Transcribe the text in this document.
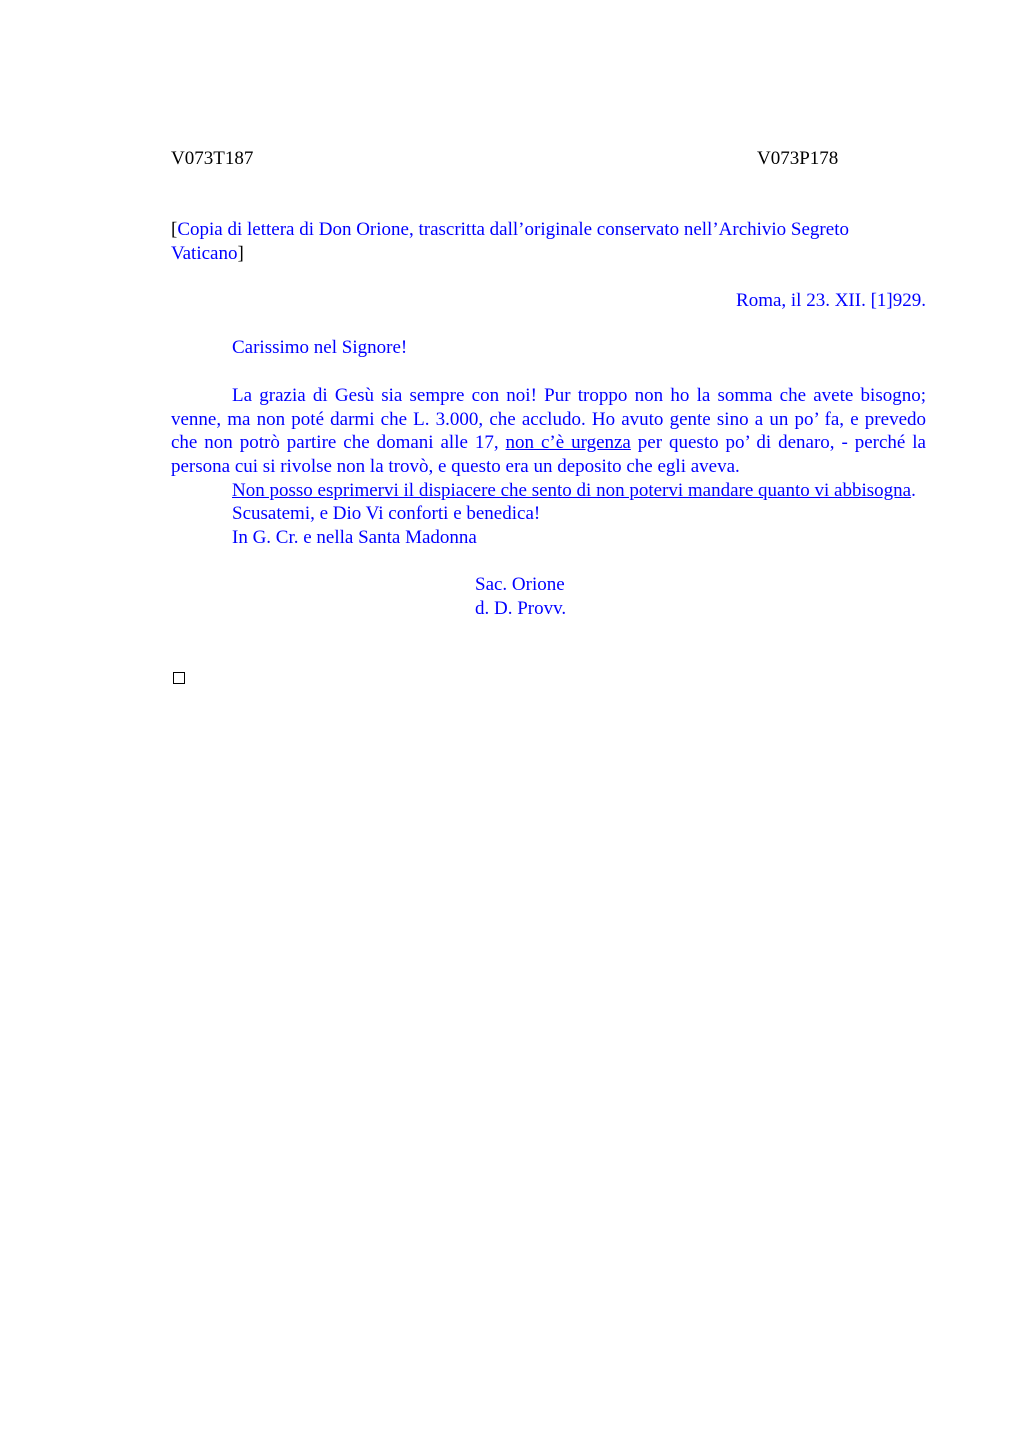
V073T187	V073P178

[Copia di lettera di Don Orione, trascritta dall’originale conservato nell’Archivio Segreto Vaticano]

Roma, il 23. XII. [1]929.

Carissimo nel Signore!

La grazia di Gesù sia sempre con noi! Pur troppo non ho la somma che avete bisogno; venne, ma non poté darmi che L. 3.000, che accludo. Ho avuto gente sino a un po’ fa, e prevedo che non potrò partire che domani alle 17, non c’è urgenza per questo po’ di denaro, - perché la persona cui si rivolse non la trovò, e questo era un deposito che egli aveva.

Non posso esprimervi il dispiacere che sento di non potervi mandare quanto vi abbisogna.

Scusatemi, e Dio Vi conforti e benedica!

In G. Cr. e nella Santa Madonna

Sac. Orione

d. D. Provv.
